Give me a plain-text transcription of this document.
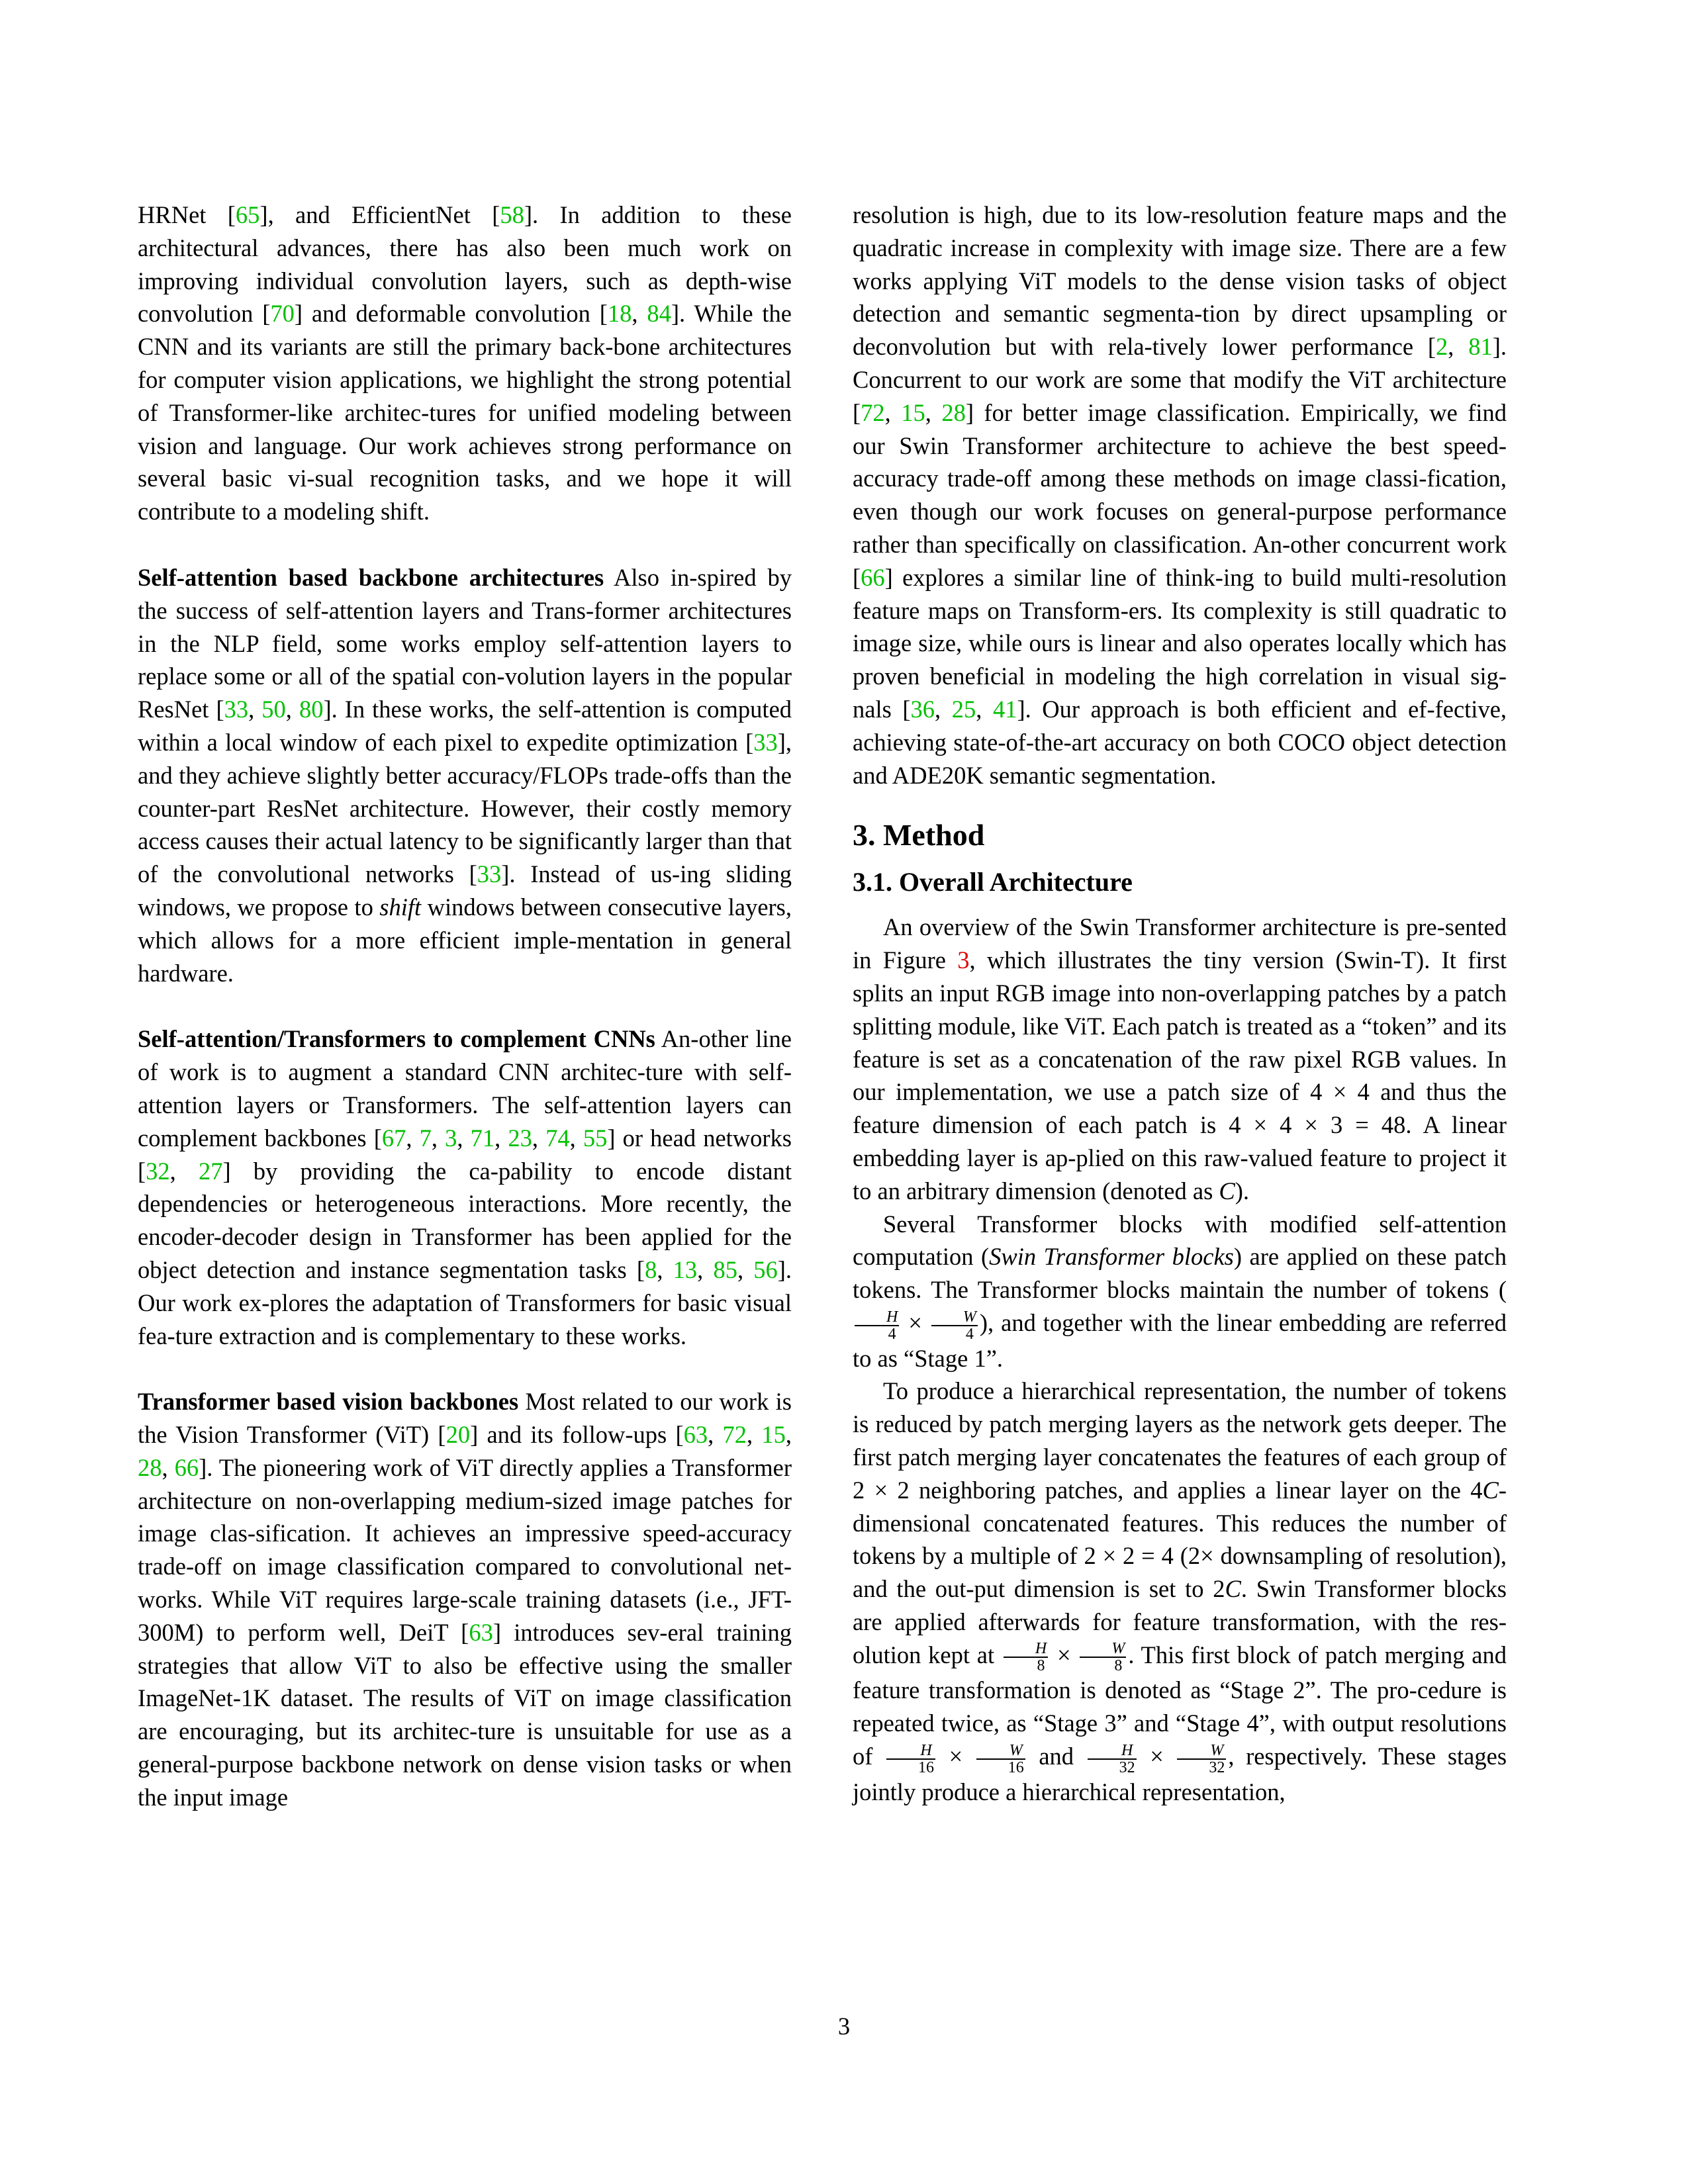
HRNet [65], and EfficientNet [58]. In addition to these architectural advances, there has also been much work on improving individual convolution layers, such as depth-wise convolution [70] and deformable convolution [18, 84]. While the CNN and its variants are still the primary back-bone architectures for computer vision applications, we highlight the strong potential of Transformer-like architec-tures for unified modeling between vision and language. Our work achieves strong performance on several basic vi-sual recognition tasks, and we hope it will contribute to a modeling shift.

Self-attention based backbone architectures Also in-spired by the success of self-attention layers and Trans-former architectures in the NLP field, some works employ self-attention layers to replace some or all of the spatial con-volution layers in the popular ResNet [33, 50, 80]. In these works, the self-attention is computed within a local window of each pixel to expedite optimization [33], and they achieve slightly better accuracy/FLOPs trade-offs than the counter-part ResNet architecture. However, their costly memory access causes their actual latency to be significantly larger than that of the convolutional networks [33]. Instead of us-ing sliding windows, we propose to shift windows between consecutive layers, which allows for a more efficient imple-mentation in general hardware.

Self-attention/Transformers to complement CNNs An-other line of work is to augment a standard CNN architec-ture with self-attention layers or Transformers. The self-attention layers can complement backbones [67, 7, 3, 71, 23, 74, 55] or head networks [32, 27] by providing the ca-pability to encode distant dependencies or heterogeneous interactions. More recently, the encoder-decoder design in Transformer has been applied for the object detection and instance segmentation tasks [8, 13, 85, 56]. Our work ex-plores the adaptation of Transformers for basic visual fea-ture extraction and is complementary to these works.

Transformer based vision backbones Most related to our work is the Vision Transformer (ViT) [20] and its follow-ups [63, 72, 15, 28, 66]. The pioneering work of ViT directly applies a Transformer architecture on non-overlapping medium-sized image patches for image clas-sification. It achieves an impressive speed-accuracy trade-off on image classification compared to convolutional net-works. While ViT requires large-scale training datasets (i.e., JFT-300M) to perform well, DeiT [63] introduces sev-eral training strategies that allow ViT to also be effective using the smaller ImageNet-1K dataset. The results of ViT on image classification are encouraging, but its architec-ture is unsuitable for use as a general-purpose backbone network on dense vision tasks or when the input image

resolution is high, due to its low-resolution feature maps and the quadratic increase in complexity with image size. There are a few works applying ViT models to the dense vision tasks of object detection and semantic segmenta-tion by direct upsampling or deconvolution but with rela-tively lower performance [2, 81]. Concurrent to our work are some that modify the ViT architecture [72, 15, 28] for better image classification. Empirically, we find our Swin Transformer architecture to achieve the best speed-accuracy trade-off among these methods on image classi-fication, even though our work focuses on general-purpose performance rather than specifically on classification. An-other concurrent work [66] explores a similar line of think-ing to build multi-resolution feature maps on Transform-ers. Its complexity is still quadratic to image size, while ours is linear and also operates locally which has proven beneficial in modeling the high correlation in visual sig-nals [36, 25, 41]. Our approach is both efficient and ef-fective, achieving state-of-the-art accuracy on both COCO object detection and ADE20K semantic segmentation.

3. Method
3.1. Overall Architecture

An overview of the Swin Transformer architecture is pre-sented in Figure 3, which illustrates the tiny version (Swin-T). It first splits an input RGB image into non-overlapping patches by a patch splitting module, like ViT. Each patch is treated as a “token” and its feature is set as a concatenation of the raw pixel RGB values. In our implementation, we use a patch size of 4 × 4 and thus the feature dimension of each patch is 4 × 4 × 3 = 48. A linear embedding layer is ap-plied on this raw-valued feature to project it to an arbitrary dimension (denoted as C).

Several Transformer blocks with modified self-attention computation (Swin Transformer blocks) are applied on these patch tokens. The Transformer blocks maintain the number of tokens (
$\frac{H}{4} \times \frac{W}{4}$ ), and together with the linear embedding are referred to as “Stage 1”.

To produce a hierarchical representation, the number of tokens is reduced by patch merging layers as the network gets deeper. The first patch merging layer concatenates the features of each group of 2 × 2 neighboring patches, and applies a linear layer on the 4C-dimensional concatenated features. This reduces the number of tokens by a multiple of 2 × 2 = 4 (2× downsampling of resolution), and the out-put dimension is set to 2C. Swin Transformer blocks are applied afterwards for feature transformation, with the res-olution kept at $\frac{H}{8} \times \frac{W}{8}$ . This first block of patch merging and feature transformation is denoted as “Stage 2”. The pro-cedure is repeated twice, as “Stage 3” and “Stage 4”, with output resolutions of $\frac{H}{16} \times \frac{W}{16}$ and $\frac{H}{32} \times \frac{W}{32}$ , respectively. These stages jointly produce a hierarchical representation,

3
